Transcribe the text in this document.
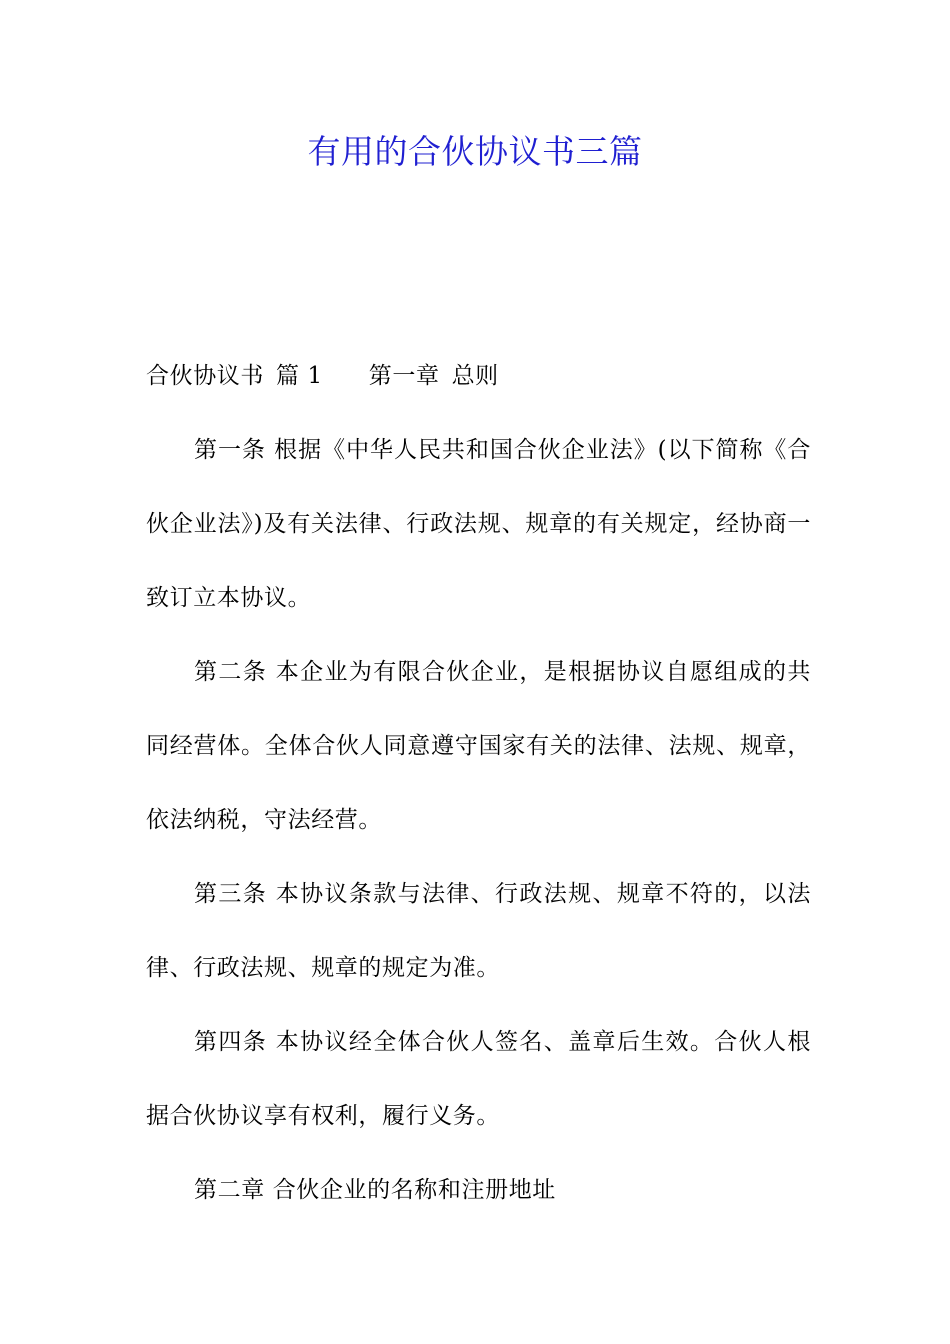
有用的合伙协议书三篇

合伙协议书 篇 1 第一章 总则

第一条 根据《中华人民共和国合伙企业法》(以下简称《合伙企业法》)及有关法律、行政法规、规章的有关规定，经协商一致订立本协议。

第二条 本企业为有限合伙企业，是根据协议自愿组成的共同经营体。全体合伙人同意遵守国家有关的法律、法规、规章，依法纳税，守法经营。

第三条 本协议条款与法律、行政法规、规章不符的，以法律、行政法规、规章的规定为准。

第四条 本协议经全体合伙人签名、盖章后生效。合伙人根据合伙协议享有权利，履行义务。

第二章 合伙企业的名称和注册地址
